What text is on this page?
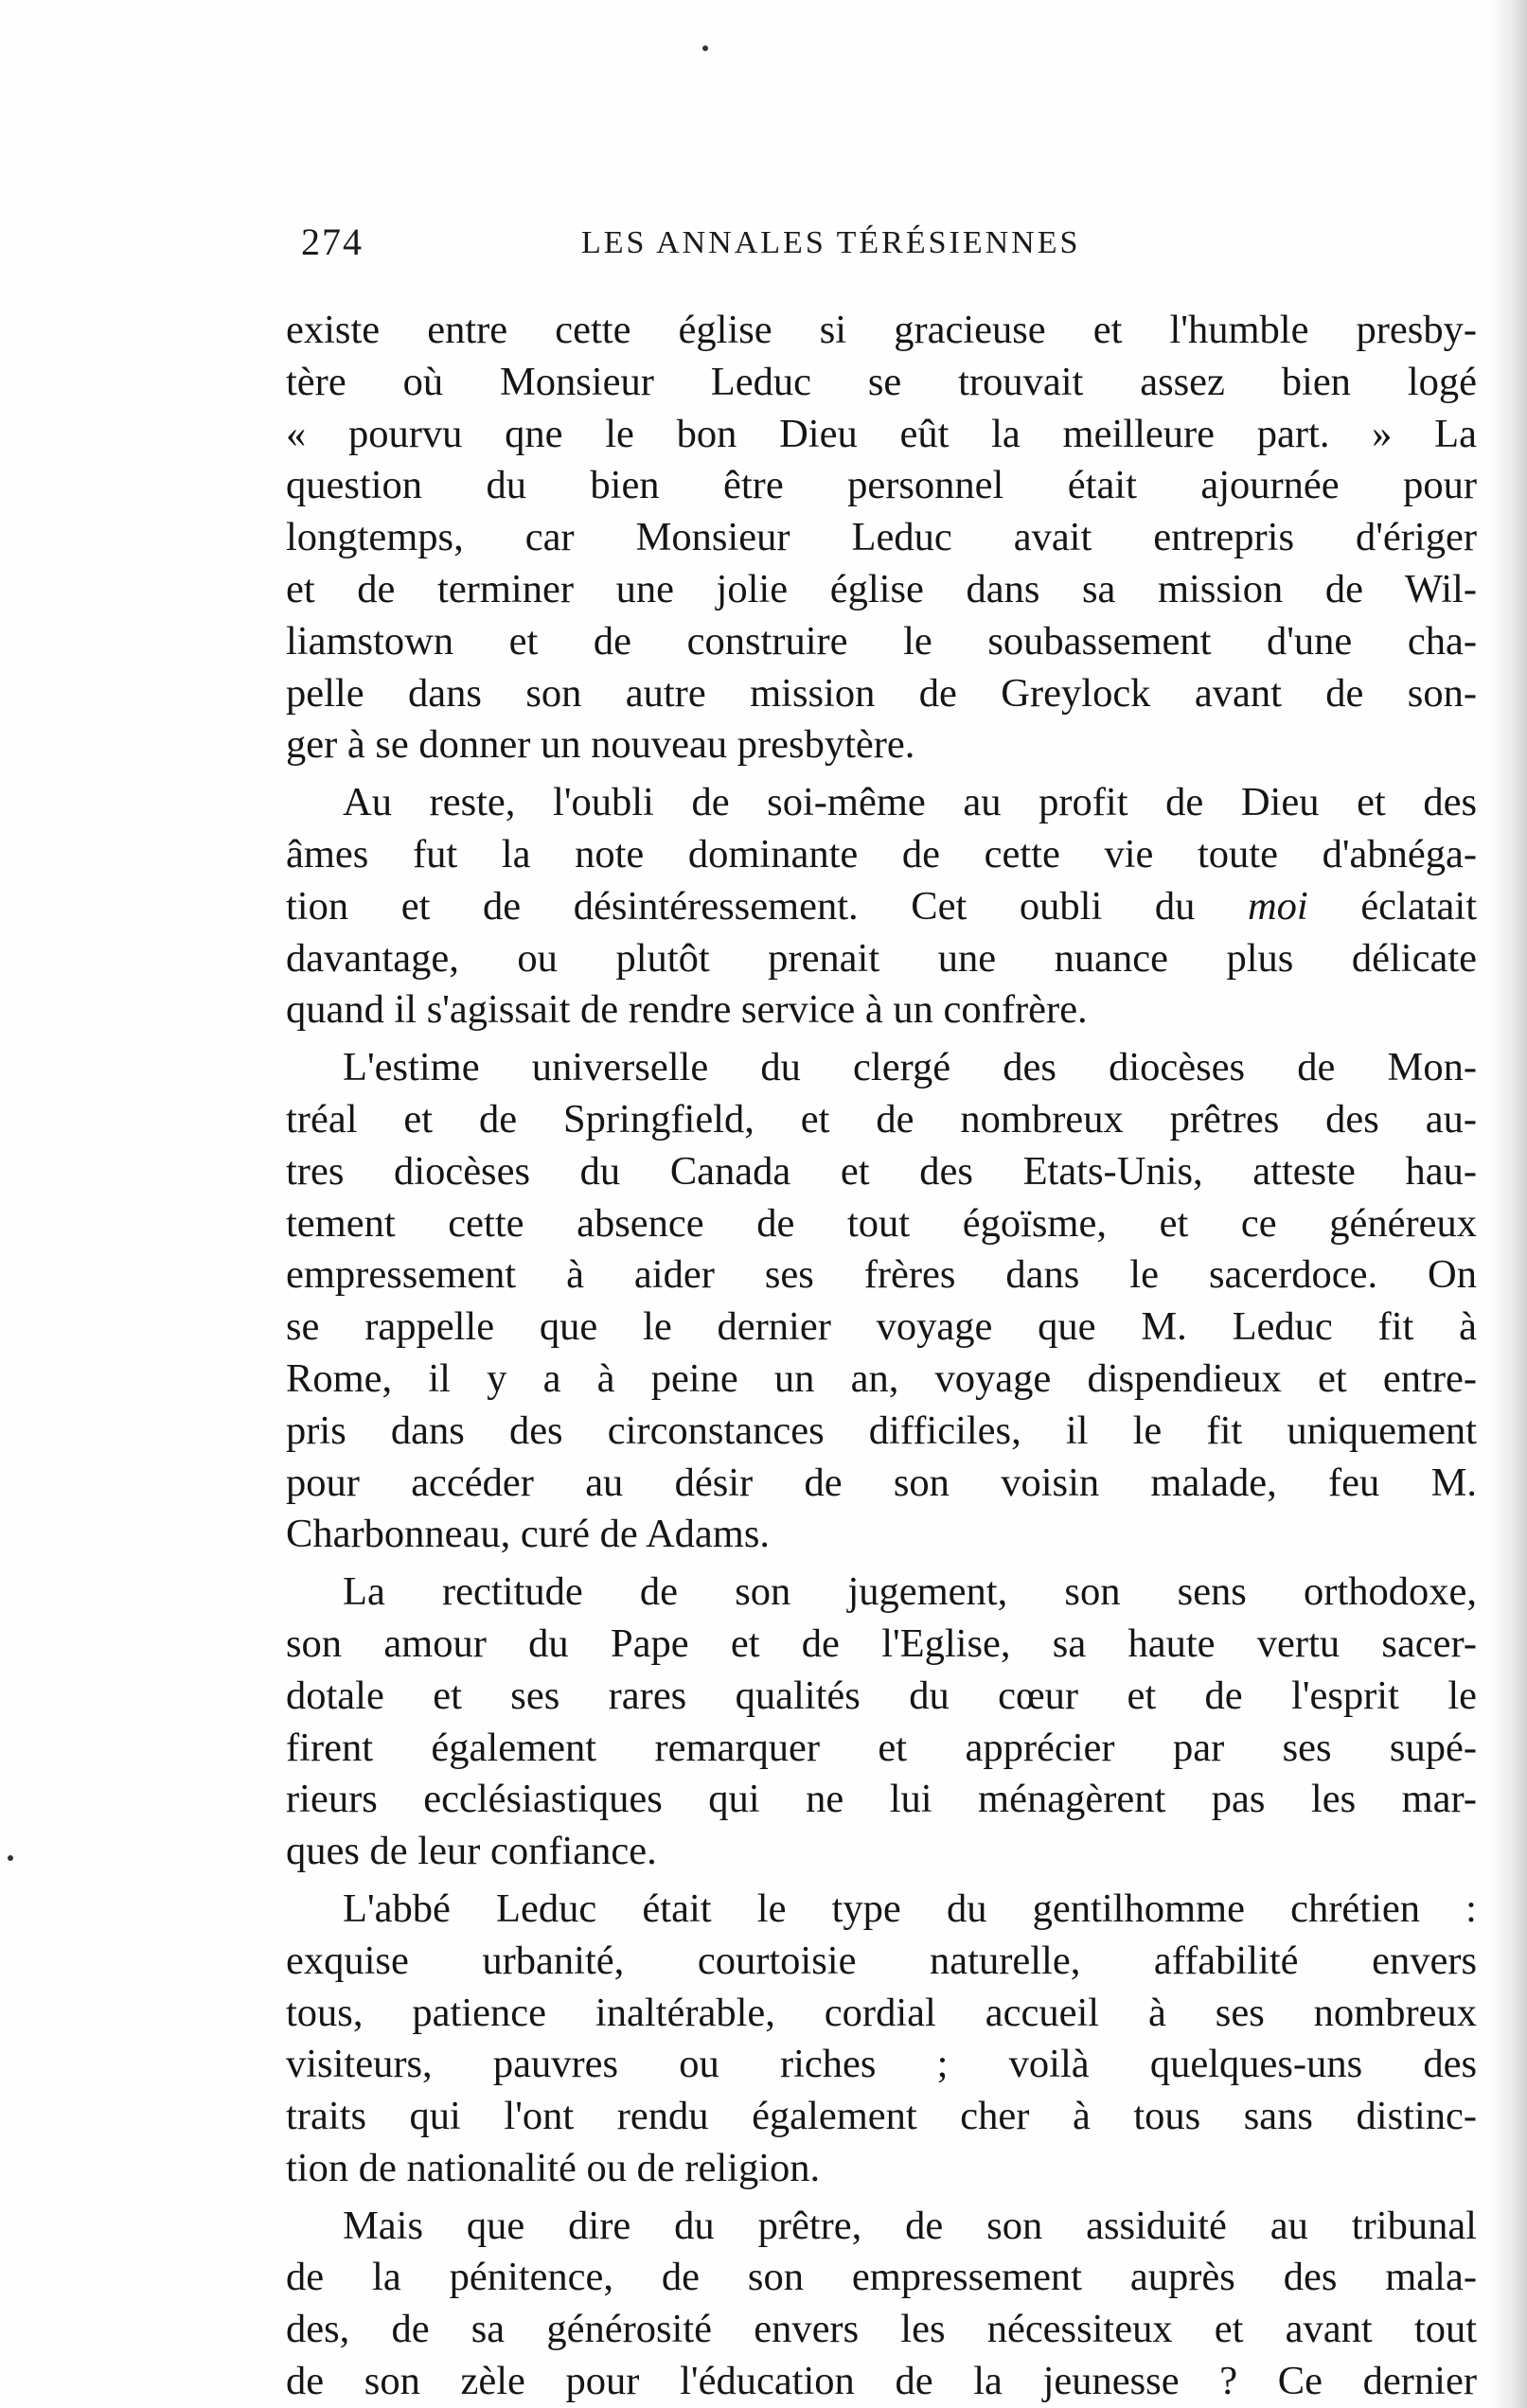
274	LES ANNALES TÉRÉSIENNES
existe entre cette église si gracieuse et l'humble presby-
tère où Monsieur Leduc se trouvait assez bien logé
« pourvu qne le bon Dieu eût la meilleure part. » La
question du bien être personnel était ajournée pour
longtemps, car Monsieur Leduc avait entrepris d'ériger
et de terminer une jolie église dans sa mission de Wil-
liamstown et de construire le soubassement d'une cha-
pelle dans son autre mission de Greylock avant de son-
ger à se donner un nouveau presbytère.
Au reste, l'oubli de soi-même au profit de Dieu et des
âmes fut la note dominante de cette vie toute d'abnéga-
tion et de désintéressement. Cet oubli du moi éclatait
davantage, ou plutôt prenait une nuance plus délicate
quand il s'agissait de rendre service à un confrère.
L'estime universelle du clergé des diocèses de Mon-
tréal et de Springfield, et de nombreux prêtres des au-
tres diocèses du Canada et des Etats-Unis, atteste hau-
tement cette absence de tout égoïsme, et ce généreux
empressement à aider ses frères dans le sacerdoce. On
se rappelle que le dernier voyage que M. Leduc fit à
Rome, il y a à peine un an, voyage dispendieux et entre-
pris dans des circonstances difficiles, il le fit uniquement
pour accéder au désir de son voisin malade, feu M.
Charbonneau, curé de Adams.
La rectitude de son jugement, son sens orthodoxe,
son amour du Pape et de l'Eglise, sa haute vertu sacer-
dotale et ses rares qualités du cœur et de l'esprit le
firent également remarquer et apprécier par ses supé-
rieurs ecclésiastiques qui ne lui ménagèrent pas les mar-
ques de leur confiance.
L'abbé Leduc était le type du gentilhomme chrétien :
exquise urbanité, courtoisie naturelle, affabilité envers
tous, patience inaltérable, cordial accueil à ses nombreux
visiteurs, pauvres ou riches ; voilà quelques-uns des
traits qui l'ont rendu également cher à tous sans distinc-
tion de nationalité ou de religion.
Mais que dire du prêtre, de son assiduité au tribunal
de la pénitence, de son empressement auprès des mala-
des, de sa générosité envers les nécessiteux et avant tout
de son zèle pour l'éducation de la jeunesse ? Ce dernier
